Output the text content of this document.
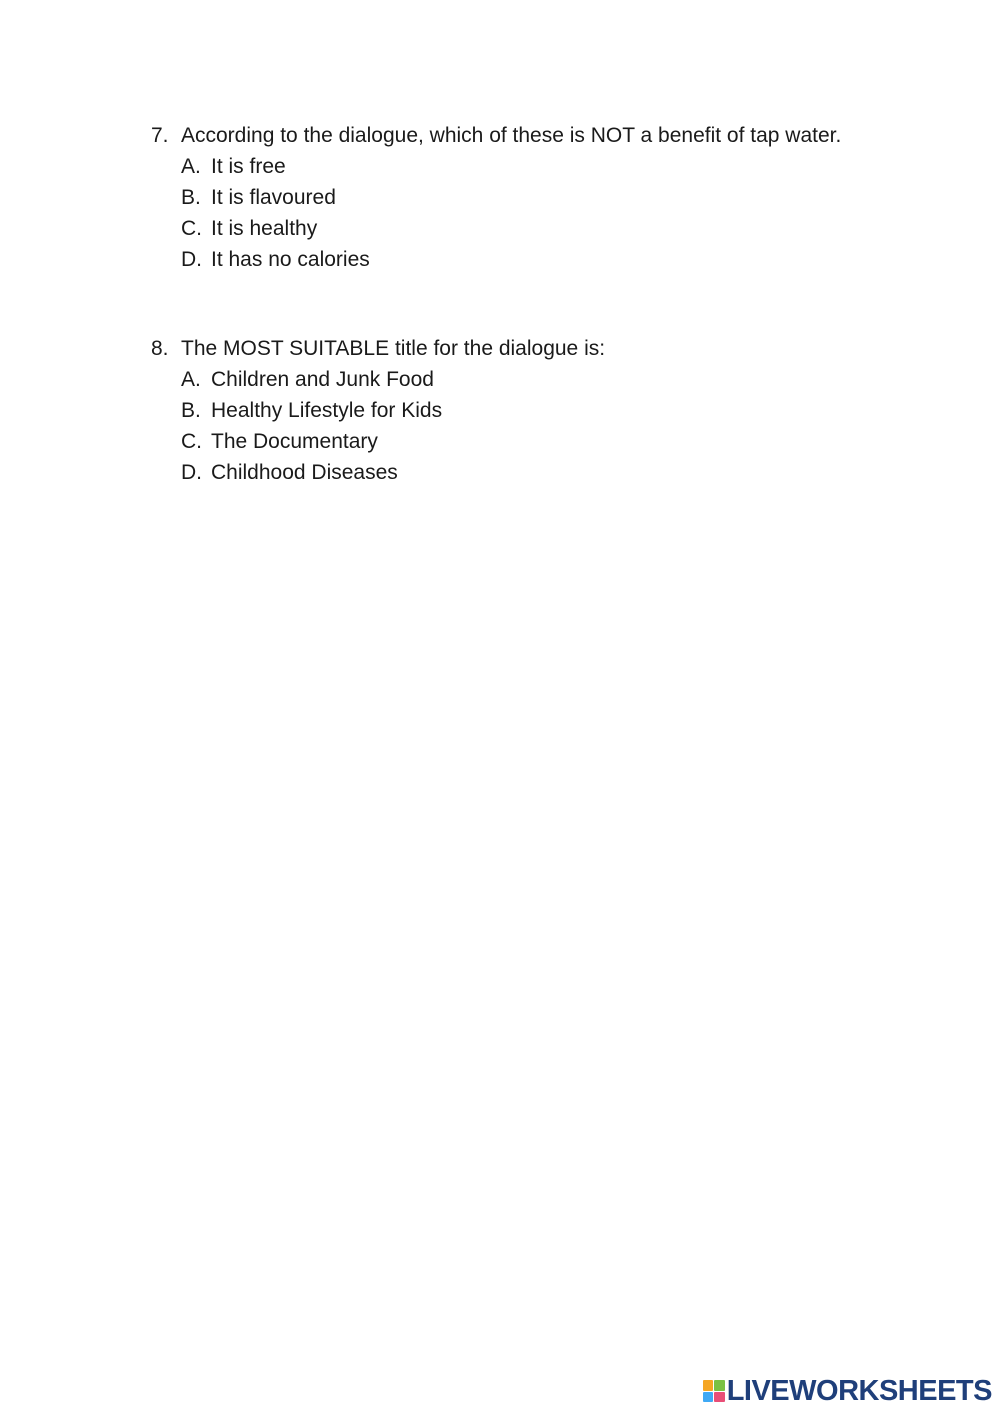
7. According to the dialogue, which of these is NOT a benefit of tap water.
A. It is free
B. It is flavoured
C. It is healthy
D. It has no calories
8. The MOST SUITABLE title for the dialogue is:
A. Children and Junk Food
B. Healthy Lifestyle for Kids
C. The Documentary
D. Childhood Diseases
LIVEWORKSHEETS
